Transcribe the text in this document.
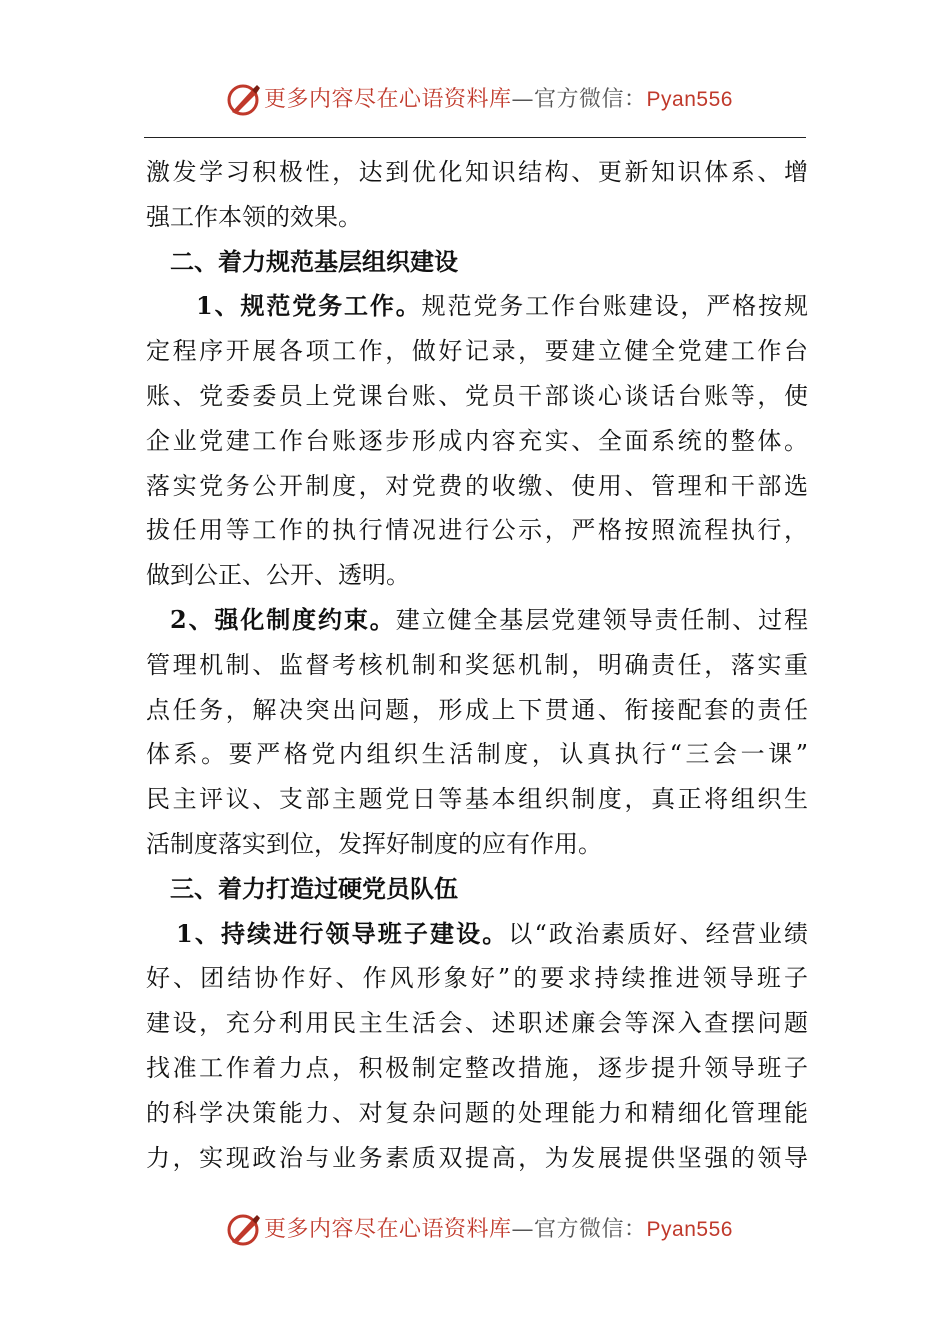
更多内容尽在心语资料库—官方微信：Pyan556
激发学习积极性，达到优化知识结构、更新知识体系、增
强工作本领的效果。
二、着力规范基层组织建设
1、规范党务工作。规范党务工作台账建设，严格按规
定程序开展各项工作，做好记录，要建立健全党建工作台
账、党委委员上党课台账、党员干部谈心谈话台账等，使
企业党建工作台账逐步形成内容充实、全面系统的整体。
落实党务公开制度，对党费的收缴、使用、管理和干部选
拔任用等工作的执行情况进行公示，严格按照流程执行，
做到公正、公开、透明。
2、强化制度约束。建立健全基层党建领导责任制、过程
管理机制、监督考核机制和奖惩机制，明确责任，落实重
点任务，解决突出问题，形成上下贯通、衔接配套的责任
体系。要严格党内组织生活制度，认真执行“三会一课”
民主评议、支部主题党日等基本组织制度，真正将组织生
活制度落实到位，发挥好制度的应有作用。
三、着力打造过硬党员队伍
1、持续进行领导班子建设。以“政治素质好、经营业绩
好、团结协作好、作风形象好”的要求持续推进领导班子
建设，充分利用民主生活会、述职述廉会等深入查摆问题
找准工作着力点，积极制定整改措施，逐步提升领导班子
的科学决策能力、对复杂问题的处理能力和精细化管理能
力，实现政治与业务素质双提高，为发展提供坚强的领导
更多内容尽在心语资料库—官方微信：Pyan556
